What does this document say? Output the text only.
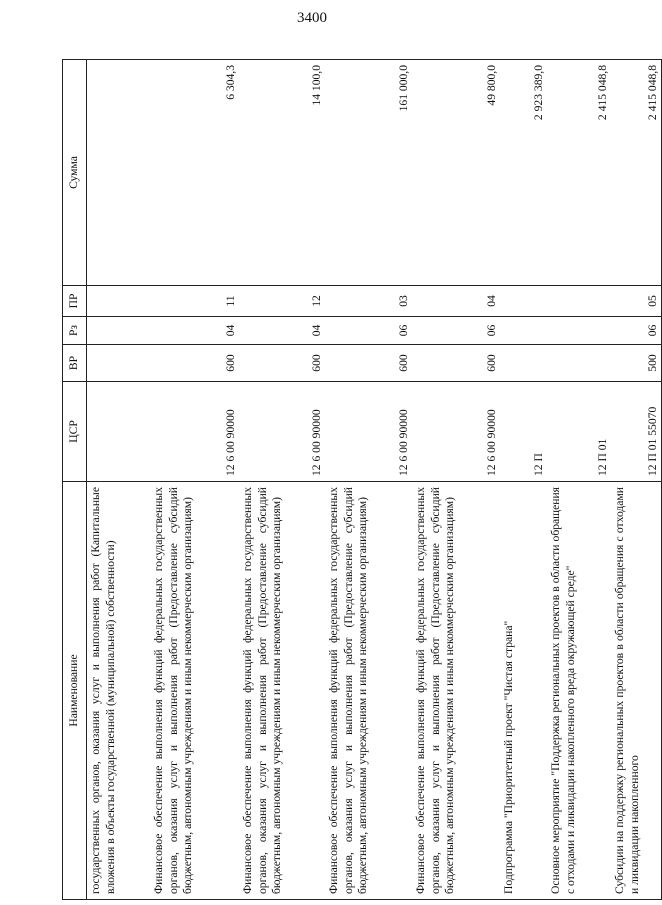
3400
Наименование	ЦСР	ВР	Рз	ПР	Сумма
государственных органов, оказания услуг и выполнения работ (Капитальные вложения в объекты государственной (муниципальной) собственности)					
Финансовое обеспечение выполнения функций федеральных государственных органов, оказания услуг и выполнения работ (Предоставление субсидий бюджетным, автономным учреждениям и иным некоммерческим организациям)	12 6 00 90000	600	04	11	6 304,3
Финансовое обеспечение выполнения функций федеральных государственных органов, оказания услуг и выполнения работ (Предоставление субсидий бюджетным, автономным учреждениям и иным некоммерческим организациям)	12 6 00 90000	600	04	12	14 100,0
Финансовое обеспечение выполнения функций федеральных государственных органов, оказания услуг и выполнения работ (Предоставление субсидий бюджетным, автономным учреждениям и иным некоммерческим организациям)	12 6 00 90000	600	06	03	161 000,0
Финансовое обеспечение выполнения функций федеральных государственных органов, оказания услуг и выполнения работ (Предоставление субсидий бюджетным, автономным учреждениям и иным некоммерческим организациям)	12 6 00 90000	600	06	04	49 800,0
Подпрограмма "Приоритетный проект "Чистая страна"	12 П				2 923 389,0
Основное мероприятие "Поддержка региональных проектов в области обращения с отходами и ликвидации накопленного вреда окружающей среде"	12 П 01				2 415 048,8
Субсидии на поддержку региональных проектов в области обращения с отходами и ликвидации накопленного	12 П 01 55070	500	06	05	2 415 048,8
